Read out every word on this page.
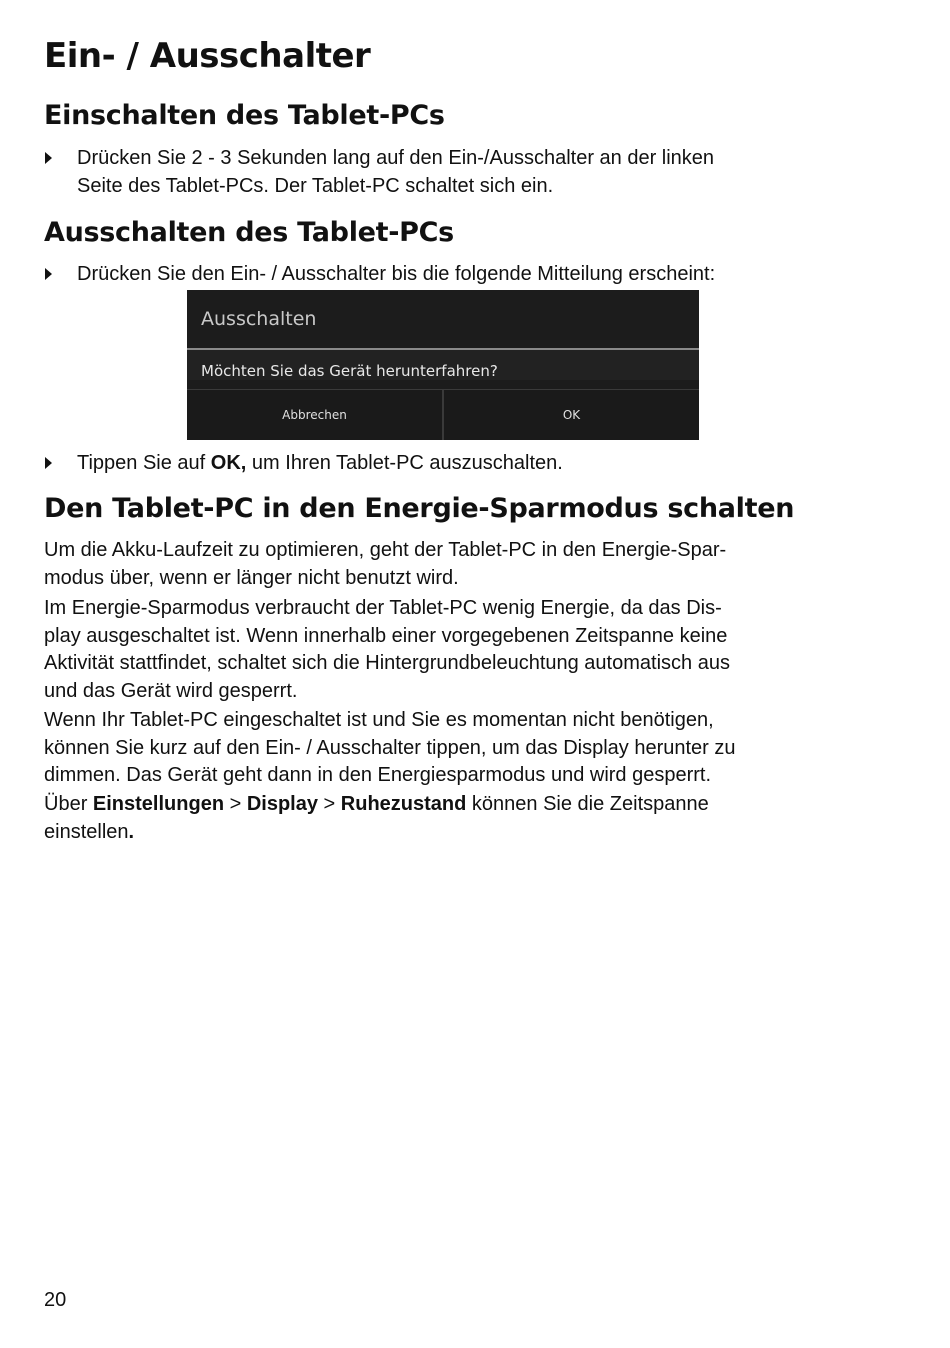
Ein- / Ausschalter
Einschalten des Tablet-PCs
Drücken Sie 2 - 3 Sekunden lang auf den Ein-/Ausschalter an der linken
Seite des Tablet-PCs. Der Tablet-PC schaltet sich ein.
Ausschalten des Tablet-PCs
Drücken Sie den Ein- / Ausschalter bis die folgende Mitteilung erscheint:
Ausschalten
Möchten Sie das Gerät herunterfahren?
Abbrechen	OK
Tippen Sie auf OK, um Ihren Tablet-PC auszuschalten.
Den Tablet-PC in den Energie-Sparmodus schalten

Um die Akku-Laufzeit zu optimieren, geht der Tablet-PC in den Energie-Spar-
modus über, wenn er länger nicht benutzt wird.

Im Energie-Sparmodus verbraucht der Tablet-PC wenig Energie, da das Dis-
play ausgeschaltet ist. Wenn innerhalb einer vorgegebenen Zeitspanne keine
Aktivität stattfindet, schaltet sich die Hintergrundbeleuchtung automatisch aus
und das Gerät wird gesperrt.

Wenn Ihr Tablet-PC eingeschaltet ist und Sie es momentan nicht benötigen,
können Sie kurz auf den Ein- / Ausschalter tippen, um das Display herunter zu
dimmen. Das Gerät geht dann in den Energiesparmodus und wird gesperrt.

Über Einstellungen > Display > Ruhezustand können Sie die Zeitspanne
einstellen.

20
